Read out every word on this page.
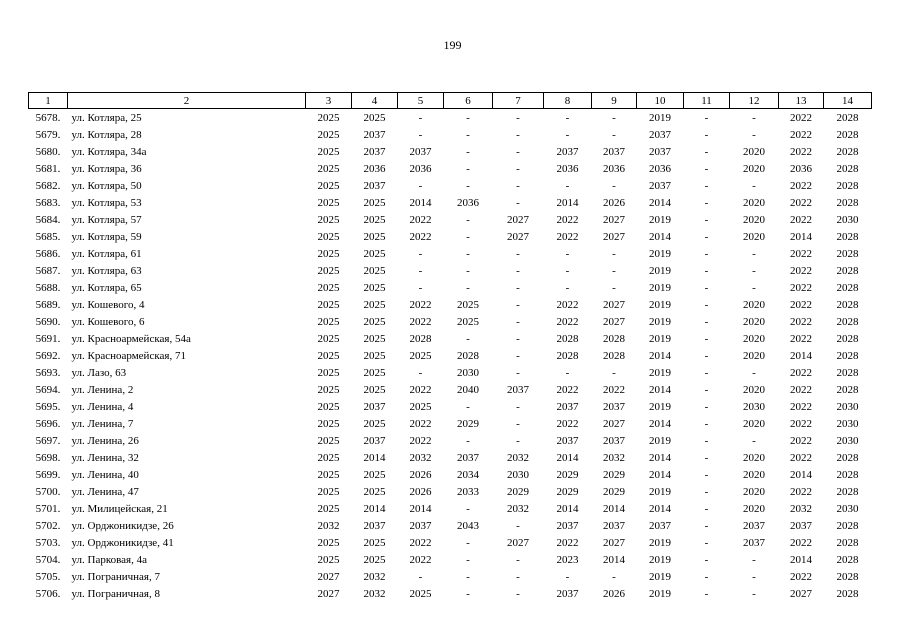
199
1	2	3	4	5	6	7	8	9	10	11	12	13	14
5678.	ул. Котляра, 25	2025	2025	-	-	-	-	-	2019	-	-	2022	2028
5679.	ул. Котляра, 28	2025	2037	-	-	-	-	-	2037	-	-	2022	2028
5680.	ул. Котляра, 34а	2025	2037	2037	-	-	2037	2037	2037	-	2020	2022	2028
5681.	ул. Котляра, 36	2025	2036	2036	-	-	2036	2036	2036	-	2020	2036	2028
5682.	ул. Котляра, 50	2025	2037	-	-	-	-	-	2037	-	-	2022	2028
5683.	ул. Котляра, 53	2025	2025	2014	2036	-	2014	2026	2014	-	2020	2022	2028
5684.	ул. Котляра, 57	2025	2025	2022	-	2027	2022	2027	2019	-	2020	2022	2030
5685.	ул. Котляра, 59	2025	2025	2022	-	2027	2022	2027	2014	-	2020	2014	2028
5686.	ул. Котляра, 61	2025	2025	-	-	-	-	-	2019	-	-	2022	2028
5687.	ул. Котляра, 63	2025	2025	-	-	-	-	-	2019	-	-	2022	2028
5688.	ул. Котляра, 65	2025	2025	-	-	-	-	-	2019	-	-	2022	2028
5689.	ул. Кошевого, 4	2025	2025	2022	2025	-	2022	2027	2019	-	2020	2022	2028
5690.	ул. Кошевого, 6	2025	2025	2022	2025	-	2022	2027	2019	-	2020	2022	2028
5691.	ул. Красноармейская, 54а	2025	2025	2028	-	-	2028	2028	2019	-	2020	2022	2028
5692.	ул. Красноармейская, 71	2025	2025	2025	2028	-	2028	2028	2014	-	2020	2014	2028
5693.	ул. Лазо, 63	2025	2025	-	2030	-	-	-	2019	-	-	2022	2028
5694.	ул. Ленина, 2	2025	2025	2022	2040	2037	2022	2022	2014	-	2020	2022	2028
5695.	ул. Ленина, 4	2025	2037	2025	-	-	2037	2037	2019	-	2030	2022	2030
5696.	ул. Ленина, 7	2025	2025	2022	2029	-	2022	2027	2014	-	2020	2022	2030
5697.	ул. Ленина, 26	2025	2037	2022	-	-	2037	2037	2019	-	-	2022	2030
5698.	ул. Ленина, 32	2025	2014	2032	2037	2032	2014	2032	2014	-	2020	2022	2028
5699.	ул. Ленина, 40	2025	2025	2026	2034	2030	2029	2029	2014	-	2020	2014	2028
5700.	ул. Ленина, 47	2025	2025	2026	2033	2029	2029	2029	2019	-	2020	2022	2028
5701.	ул. Милицейская, 21	2025	2014	2014	-	2032	2014	2014	2014	-	2020	2032	2030
5702.	ул. Орджоникидзе, 26	2032	2037	2037	2043	-	2037	2037	2037	-	2037	2037	2028
5703.	ул. Орджоникидзе, 41	2025	2025	2022	-	2027	2022	2027	2019	-	2037	2022	2028
5704.	ул. Парковая, 4а	2025	2025	2022	-	-	2023	2014	2019	-	-	2014	2028
5705.	ул. Пограничная, 7	2027	2032	-	-	-	-	-	2019	-	-	2022	2028
5706.	ул. Пограничная, 8	2027	2032	2025	-	-	2037	2026	2019	-	-	2027	2028
